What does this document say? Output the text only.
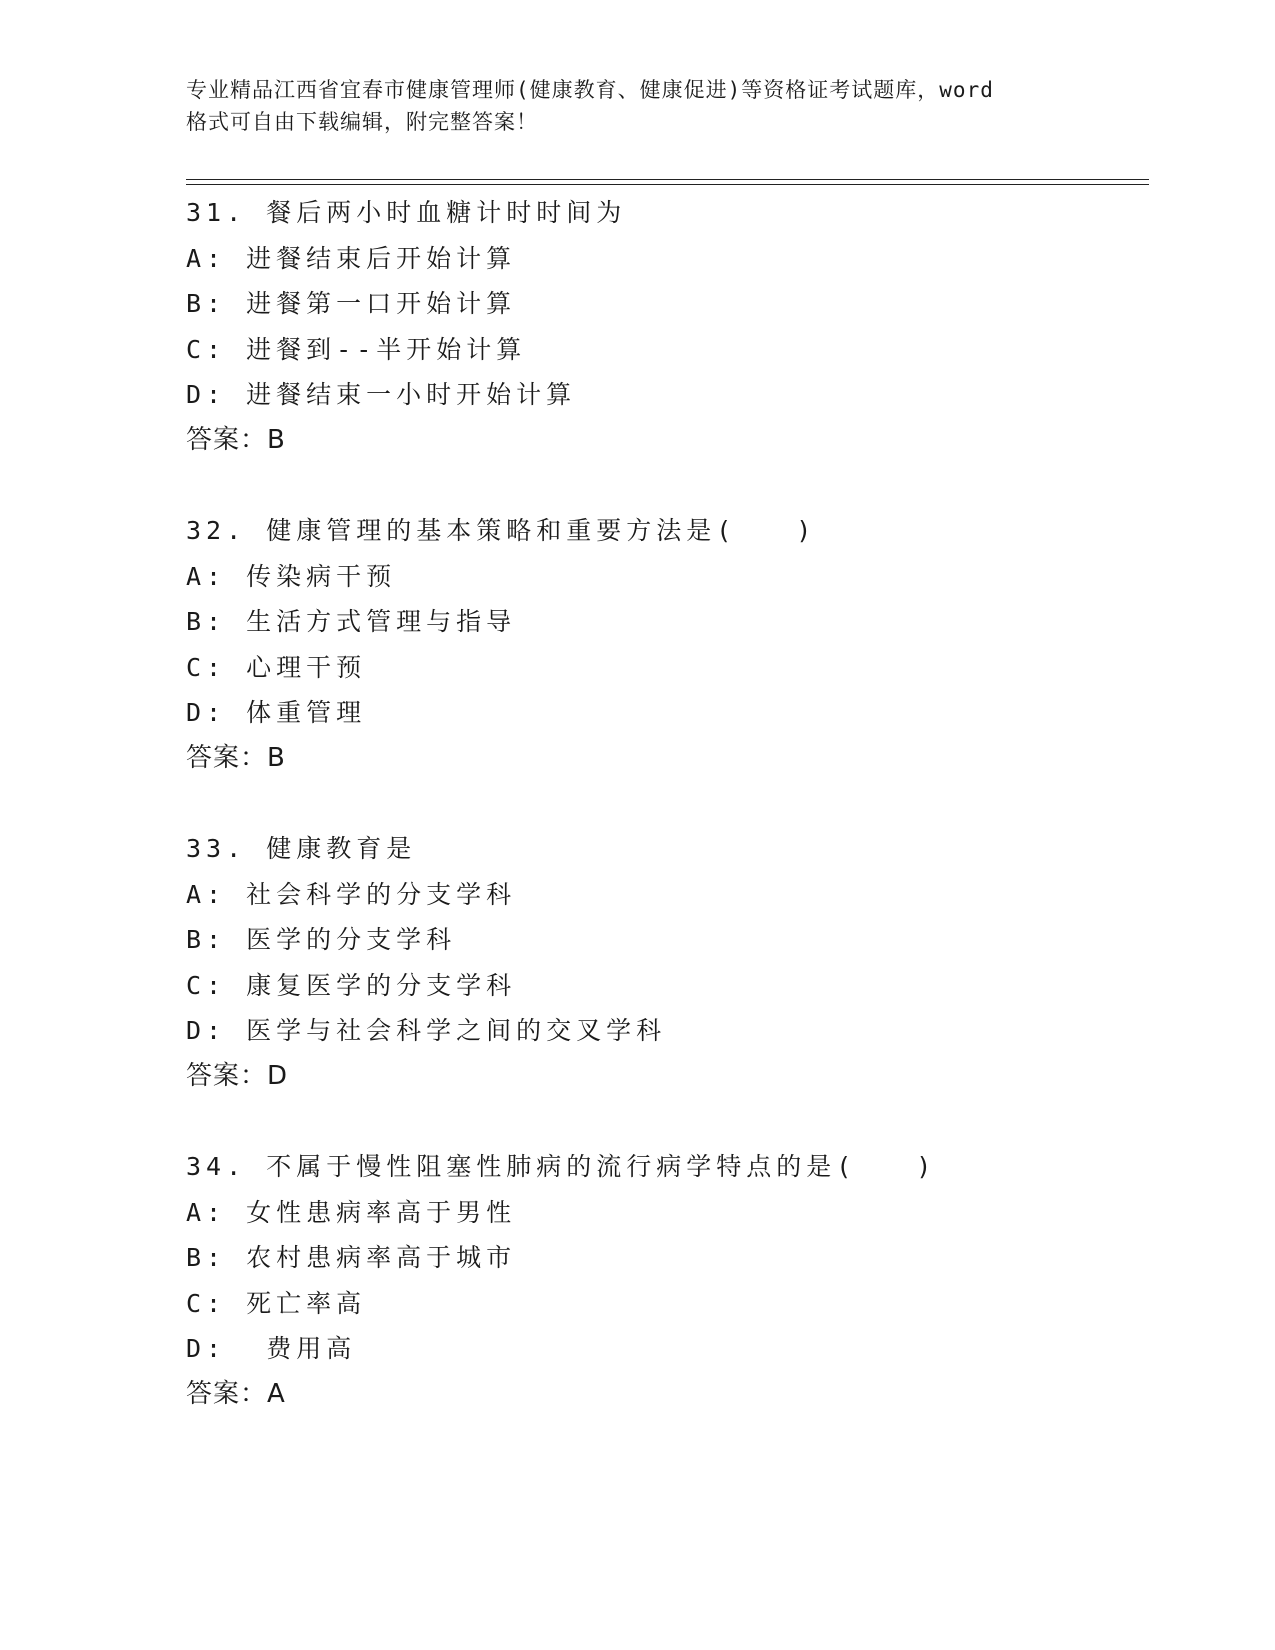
专业精品江西省宜春市健康管理师(健康教育、健康促进)等资格证考试题库，word
格式可自由下载编辑，附完整答案！
31. 餐后两小时血糖计时时间为
A: 进餐结束后开始计算
B: 进餐第一口开始计算
C: 进餐到--半开始计算
D: 进餐结束一小时开始计算
答案：B
32. 健康管理的基本策略和重要方法是(　　)
A: 传染病干预
B: 生活方式管理与指导
C: 心理干预
D: 体重管理
答案：B
33. 健康教育是
A: 社会科学的分支学科
B: 医学的分支学科
C: 康复医学的分支学科
D: 医学与社会科学之间的交叉学科
答案：D
34. 不属于慢性阻塞性肺病的流行病学特点的是(　　)
A: 女性患病率高于男性
B: 农村患病率高于城市
C: 死亡率高
D:  费用高
答案：A
